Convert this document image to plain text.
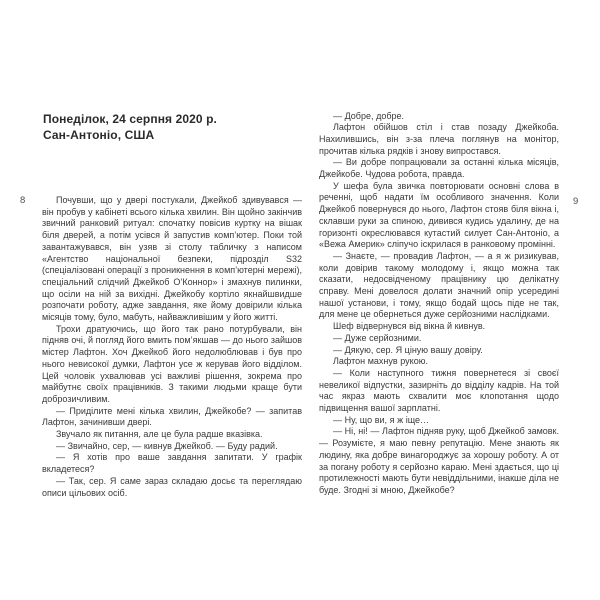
8	9
Понеділок, 24 серпня 2020 р.
Сан-Антоніо, США

Почувши, що у двері постукали, Джейкоб здивувався — він пробув у кабінеті всього кілька хвилин. Він щойно закінчив звичний ранковий ритуал: спочатку повісив куртку на вішак біля дверей, а потім усівся й запустив комп’ютер. Поки той завантажувався, він узяв зі столу табличку з написом «Агентство національної безпеки, підрозділ S32 (спеціалізовані операції з проникнення в комп’ютерні мережі), спеціальний слідчий Джейкоб О’Коннор» і змахнув пилинки, що осіли на ній за вихідні. Джейкобу кортіло якнайшвидше розпочати роботу, адже завдання, яке йому довірили кілька місяців тому, було, мабуть, найважливішим у його житті.

Трохи дратуючись, що його так рано потурбували, він підняв очі, й погляд його вмить пом’якшав — до нього зайшов містер Лафтон. Хоч Джейкоб його недолюблював і був про нього невисокої думки, Лафтон усе ж керував його відділом. Цей чоловік ухвалював усі важливі рішення, зокрема про майбутнє своїх працівників. З такими людьми краще бути доброзичливим.

— Приділите мені кілька хвилин, Джейкобе? — запитав Лафтон, зачинивши двері.

Звучало як питання, але це була радше вказівка.

— Звичайно, сер, — кивнув Джейкоб. — Буду радий.

— Я хотів про ваше завдання запитати. У графік вкладетеся?

— Так, сер. Я саме зараз складаю досьє та переглядаю описи цільових осіб.

— Добре, добре.

Лафтон обійшов стіл і став позаду Джейкоба. Нахилившись, він з-за плеча поглянув на монітор, прочитав кілька рядків і знову випростався.

— Ви добре попрацювали за останні кілька місяців, Джейкобе. Чудова робота, правда.

У шефа була звичка повторювати основні слова в реченні, щоб надати їм особливого значення. Коли Джейкоб повернувся до нього, Лафтон стояв біля вікна і, склавши руки за спиною, дивився кудись удалину, де на горизонті окреслювався кутастий силует Сан-Антоніо, а «Вежа Америк» сліпучо іскрилася в ранковому промінні.

— Знаєте, — провадив Лафтон, — а я ж ризикував, коли довірив такому молодому і, якщо можна так сказати, недосвідченому працівнику цю делікатну справу. Мені довелося долати значний опір усередині нашої установи, і тому, якщо бодай щось піде не так, для мене це обернеться дуже серйозними наслідками.

Шеф відвернувся від вікна й кивнув.

— Дуже серйозними.

— Дякую, сер. Я ціную вашу довіру.

Лафтон махнув рукою.

— Коли наступного тижня повернетеся зі своєї невеликої відпустки, зазирніть до відділу кадрів. На той час якраз мають схвалити моє клопотання щодо підвищення вашої зарплатні.

— Ну, що ви, я ж іще…

— Ні, ні! — Лафтон підняв руку, щоб Джейкоб замовк. — Розумієте, я маю певну репутацію. Мене знають як людину, яка добре винагороджує за хорошу роботу. А от за погану роботу я серйозно караю. Мені здається, що ці протилежності мають бути невіддільними, інакше діла не буде. Згодні зі мною, Джейкобе?
